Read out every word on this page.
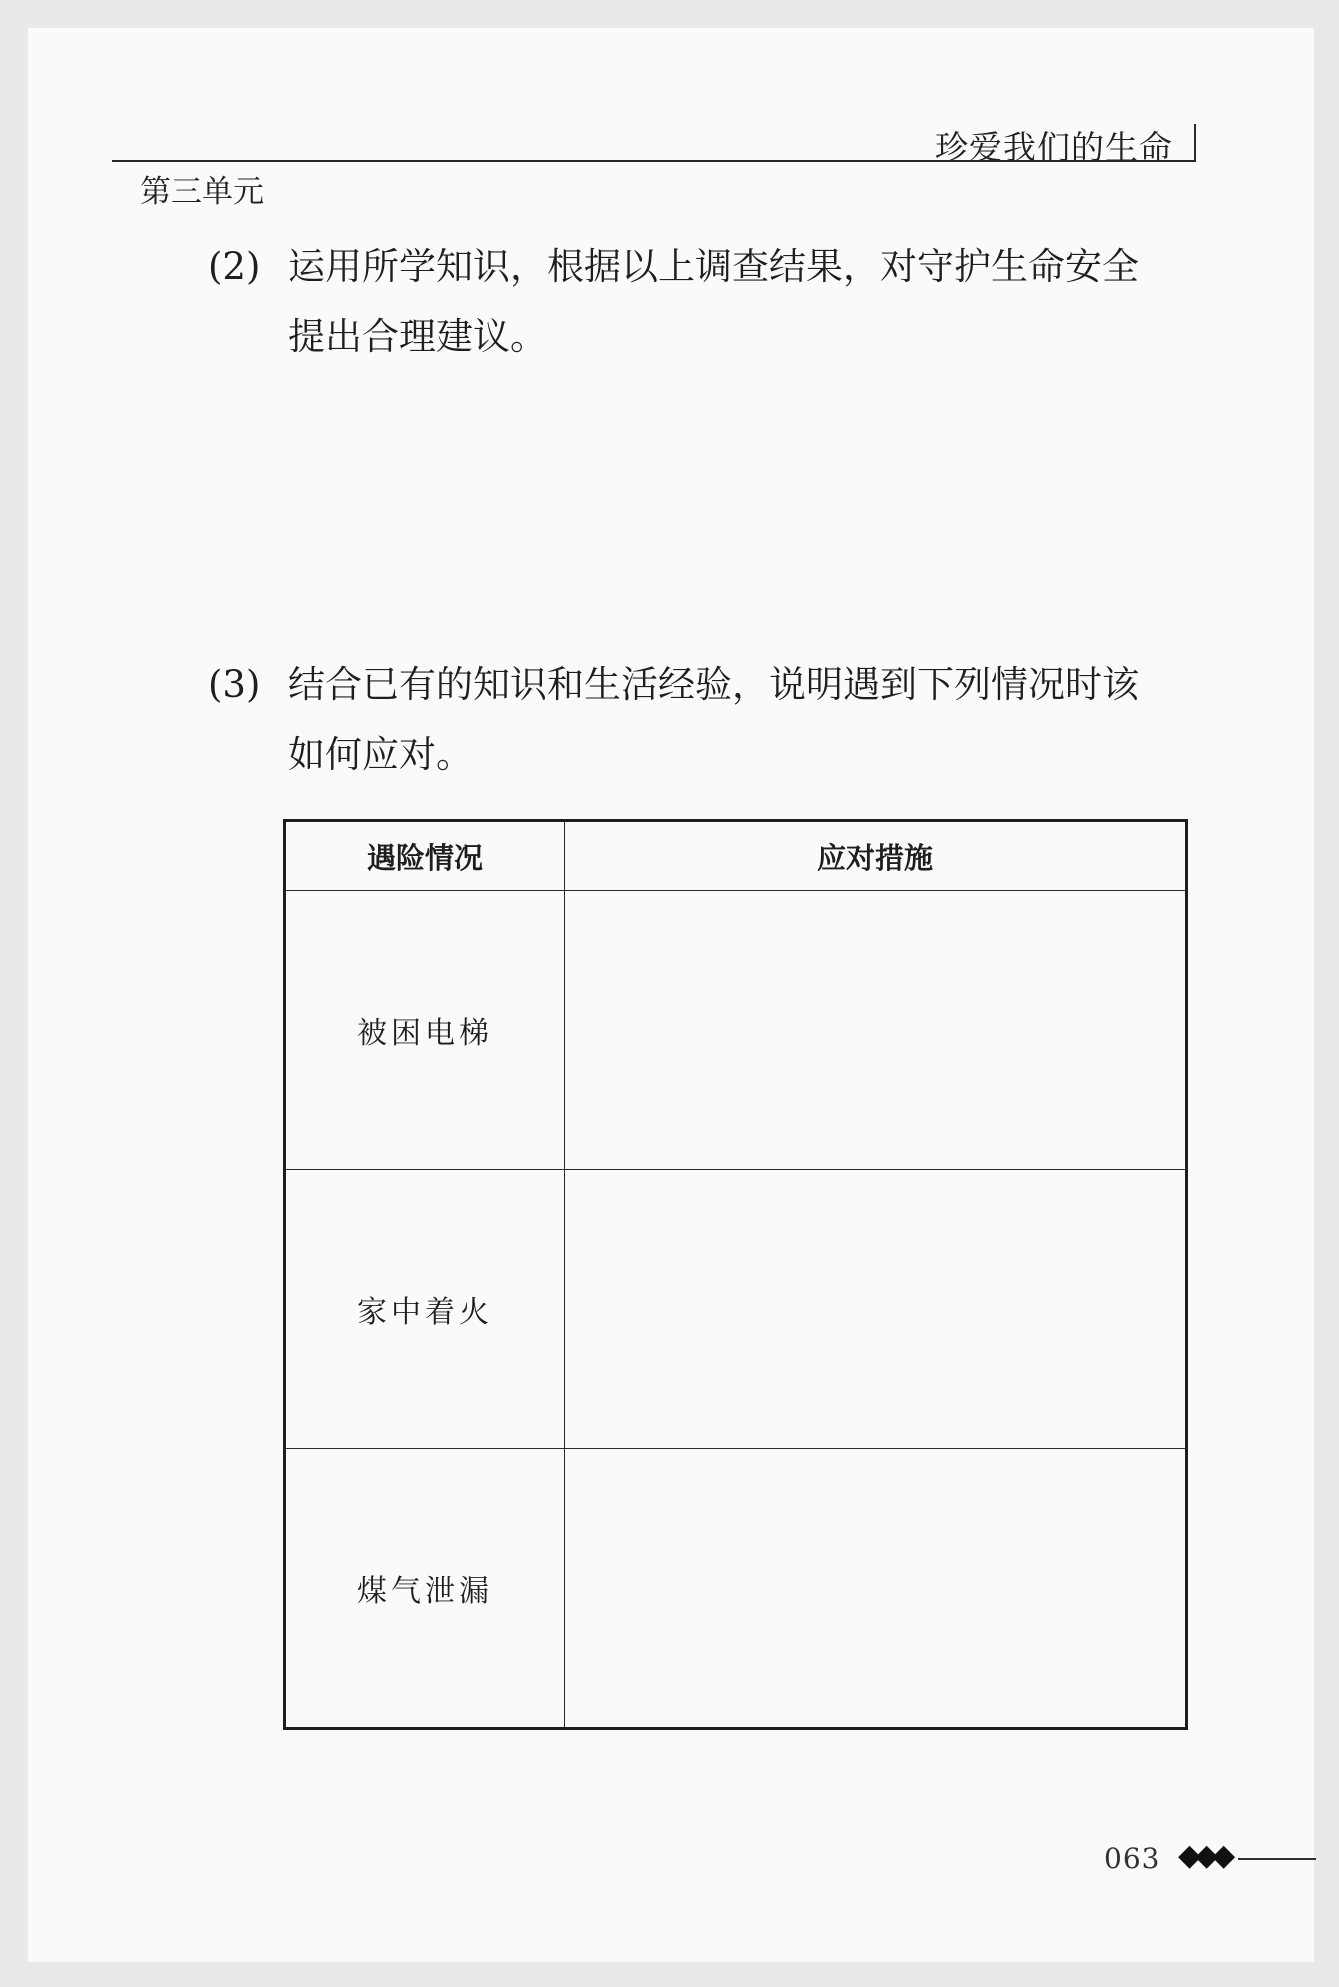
珍爱我们的生命
第三单元
(2) 运用所学知识，根据以上调查结果，对守护生命安全
提出合理建议。
(3) 结合已有的知识和生活经验，说明遇到下列情况时该
如何应对。
遇险情况	应对措施
被困电梯	
家中着火	
煤气泄漏	
063 ◆◆◆
